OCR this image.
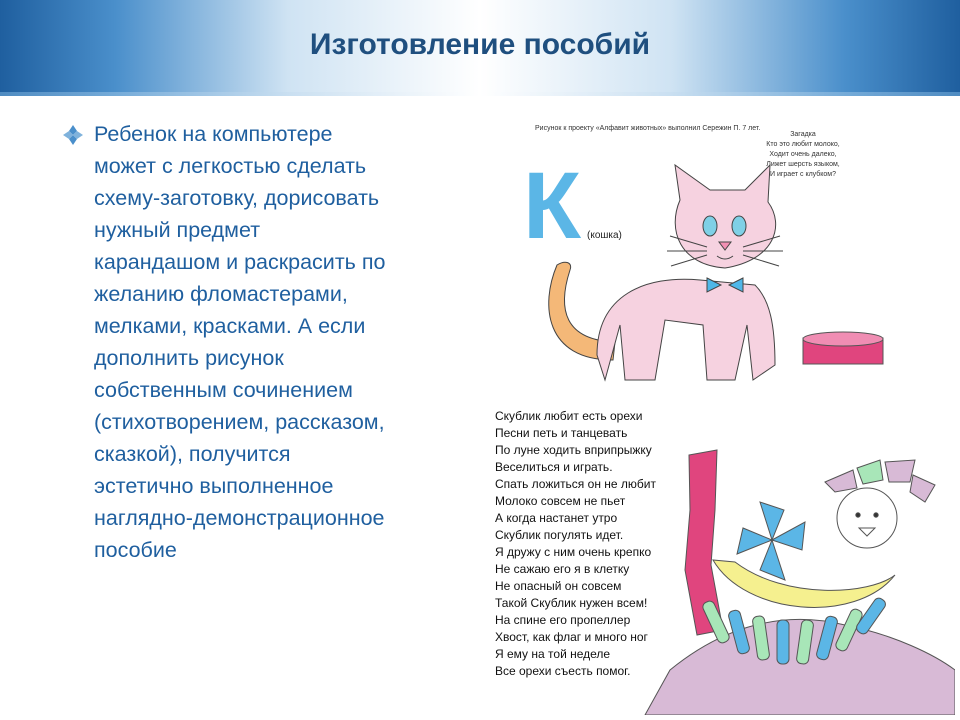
Изготовление пособий
Ребенок на компьютере
может с легкостью сделать
схему-заготовку, дорисовать
нужный предмет
карандашом и раскрасить по
желанию фломастерами,
мелками, красками. А если
дополнить рисунок
собственным сочинением
(стихотворением, рассказом,
сказкой), получится
эстетично выполненное
наглядно-демонстрационное
пособие
Рисунок к проекту «Алфавит животных» выполнил Сережин П. 7 лет.
Загадка
Кто это любит молоко,
Ходит очень далеко,
Лижет шерсть языком,
И играет с клубком?
К (кошка)
Скублик любит есть орехи
Песни петь и танцевать
По луне ходить вприпрыжку
Веселиться и играть.
Спать ложиться он не любит
Молоко совсем не пьет
А когда настанет утро
Скублик погулять идет.
Я дружу с ним очень крепко
Не сажаю его я в клетку
Не опасный он совсем
Такой Скублик нужен всем!
На спине его пропеллер
Хвост, как флаг и много ног
Я ему на той неделе
Все орехи съесть помог.
